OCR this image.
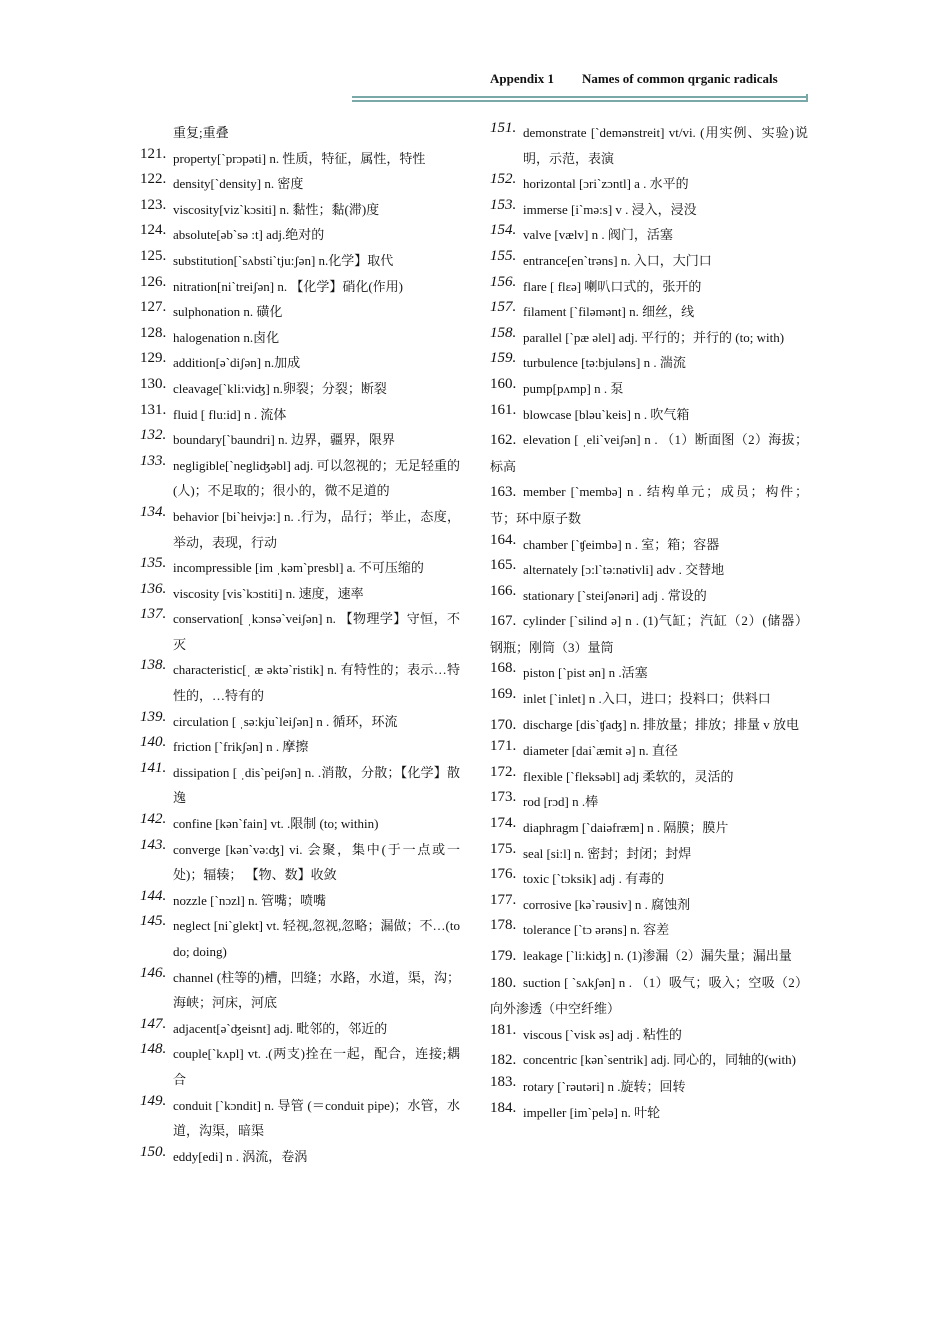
Appendix 1 Names of common qrganic radicals
重复;重叠
121. property[`prɔpəti] n. 性质，特征，属性，特性
122. density[`density] n. 密度
123. viscosity[viz`kɔsiti] n. 黏性；黏(滞)度
124. absolute[əb`sə :t] adj.绝对的
125. substitution[`sʌbsti`tju:ʃən] n.化学】取代
126. nitration[ni`treiʃən] n. 【化学】硝化(作用)
127. sulphonation n. 磺化
128. halogenation n.卤化
129. addition[ə`diʃən] n.加成
130. cleavage[`kli:viʤ] n.卵裂；分裂；断裂
131. fluid [ flu:id] n . 流体
132. boundary[`baundri] n. 边界，疆界，限界
133. negligible[`negliʤəbl] adj. 可以忽视的；无足轻重的(人)；不足取的；很小的，微不足道的
134. behavior [bi`heivjə:] n. .行为，品行；举止，态度，举动，表现，行动
135. incompressible [im ˌkəm`presbl] a. 不可压缩的
136. viscosity [vis`kɔstiti] n. 速度，速率
137. conservation[ ˌkɔnsə`veiʃən] n. 【物理学】守恒，不灭
138. characteristic[ˌ æ əktə`ristik] n. 有特性的；表示…特性的，…特有的
139. circulation [ ˌsə:kju`leiʃən] n . 循环，环流
140. friction [`frikʃən] n . 摩擦
141. dissipation [ ˌdis`peiʃən] n. .消散，分散；【化学】散逸
142. confine [kən`fain] vt. .限制 (to; within)
143. converge [kən`və:ʤ] vi. 会聚，集中(于一点或一处)；辐辏； 【物、数】收敛
144. nozzle [`nɔzl] n. 管嘴；喷嘴
145. neglect [ni`glekt] vt. 轻视,忽视,忽略；漏做；不…(to do; doing)
146. channel (柱等的)槽，凹缝；水路，水道，渠，沟；海峡；河床，河底
147. adjacent[ə`ʤeisnt] adj. 毗邻的，邻近的
148. couple[`kʌpl] vt. .(两支)拴在一起，配合，连接;耦合
149. conduit [`kɔndit] n. 导管 (＝conduit pipe)；水管，水道，沟渠，暗渠
150. eddy[edi] n . 涡流，卷涡
151. demonstrate [`demənstreit] vt/vi. (用实例、实验)说明，示范，表演
152. horizontal [ɔri`zɔntl] a . 水平的
153. immerse [i`mə:s] v . 浸入，浸没
154. valve [vælv] n . 阀门，活塞
155. entrance[en`trəns] n. 入口，大门口
156. flare [ flɛə] 喇叭口式的，张开的
157. filament [`filəmənt] n. 细丝，线
158. parallel [`pæ əlel] adj. 平行的；并行的 (to; with)
159. turbulence [tə:bjuləns] n . 湍流
160. pump[pʌmp] n . 泵
161. blowcase [bləu`keis] n . 吹气箱
162. elevation [ ˌeli`veiʃən] n . （1）断面图（2）海拔；标高
163. member [`membə] n . 结构单元；成员；构件；节；环中原子数
164. chamber [`ʧeimbə] n . 室；箱；容器
165. alternately [ɔ:l`tə:nətivli] adv . 交替地
166. stationary [`steiʃənəri] adj . 常设的
167. cylinder [`silind ə] n . (1)气缸；汽缸（2）(储器）钢瓶；刚筒（3）量筒
168. piston [`pist ən] n .活塞
169. inlet [`inlet] n .入口，进口；投料口；供料口
170. discharge [dis`ʧaʤ] n. 排放量；排放；排量 v 放电
171. diameter [dai`æmit ə] n. 直径
172. flexible [`fleksəbl] adj 柔软的，灵活的
173. rod [rɔd] n .棒
174. diaphragm [`daiəfræm] n . 隔膜；膜片
175. seal [si:l] n. 密封；封闭；封焊
176. toxic [`tɔksik] adj . 有毒的
177. corrosive [kə`rəusiv] n . 腐蚀剂
178. tolerance [`tɔ ərəns] n. 容差
179. leakage [`li:kiʤ] n. (1)渗漏（2）漏失量；漏出量
180. suction [ `sʌkʃən] n . （1）吸气；吸入；空吸（2）向外渗透（中空纤维）
181. viscous [`visk əs] adj . 粘性的
182. concentric [kən`sentrik] adj. 同心的，同轴的(with)
183. rotary [`rəutəri] n .旋转；回转
184. impeller [im`pelə] n. 叶轮
